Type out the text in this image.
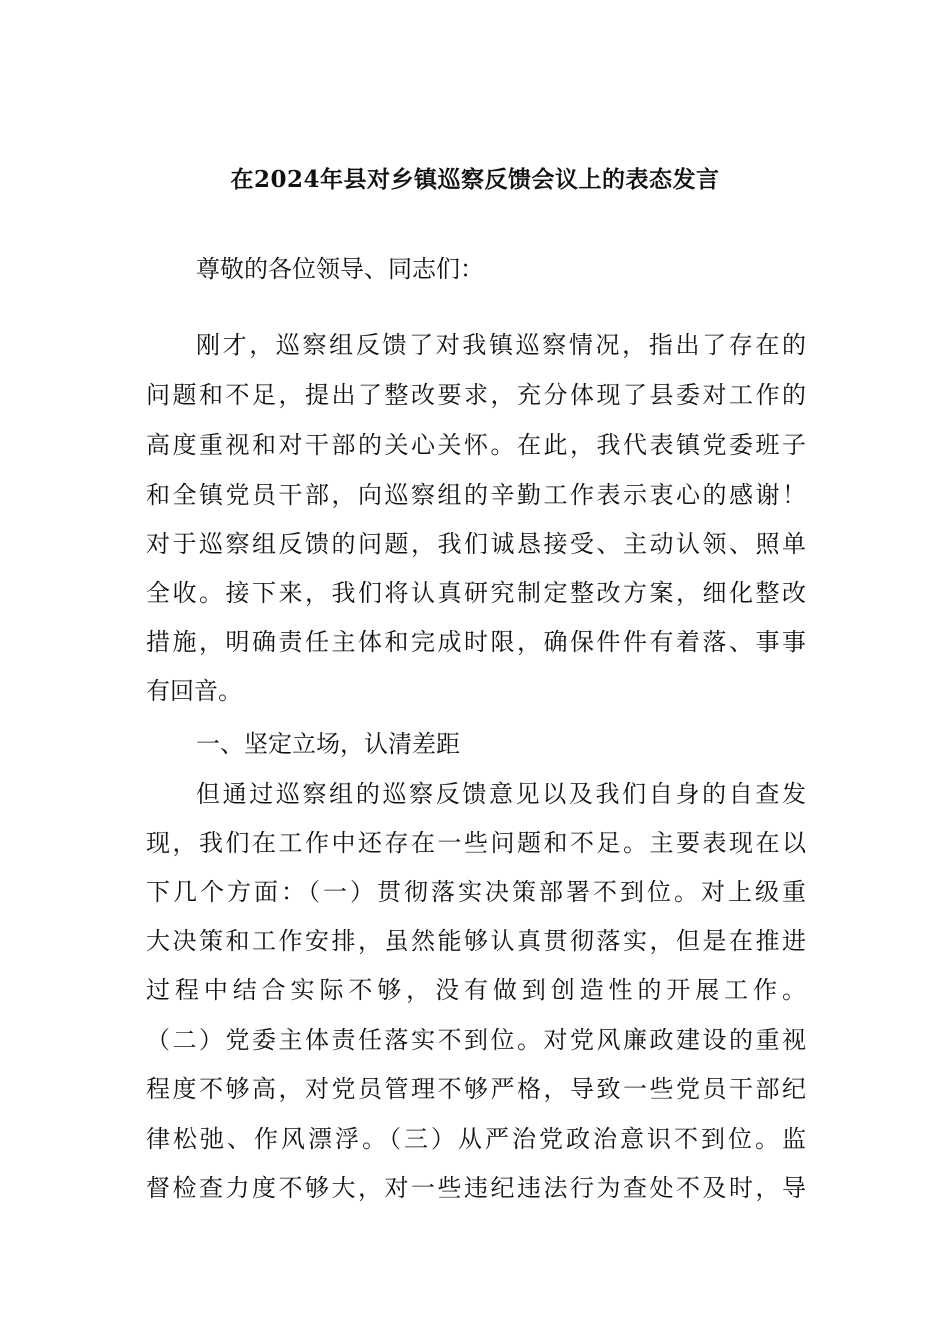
在2024年县对乡镇巡察反馈会议上的表态发言
尊敬的各位领导、同志们：
刚才，巡察组反馈了对我镇巡察情况，指出了存在的
问题和不足，提出了整改要求，充分体现了县委对工作的
高度重视和对干部的关心关怀。在此，我代表镇党委班子
和全镇党员干部，向巡察组的辛勤工作表示衷心的感谢！
对于巡察组反馈的问题，我们诚恳接受、主动认领、照单
全收。接下来，我们将认真研究制定整改方案，细化整改
措施，明确责任主体和完成时限，确保件件有着落、事事
有回音。
一、坚定立场，认清差距
但通过巡察组的巡察反馈意见以及我们自身的自查发
现，我们在工作中还存在一些问题和不足。主要表现在以
下几个方面：（一）贯彻落实决策部署不到位。对上级重
大决策和工作安排，虽然能够认真贯彻落实，但是在推进
过程中结合实际不够，没有做到创造性的开展工作。
（二）党委主体责任落实不到位。对党风廉政建设的重视
程度不够高，对党员管理不够严格，导致一些党员干部纪
律松弛、作风漂浮。（三）从严治党政治意识不到位。监
督检查力度不够大，对一些违纪违法行为查处不及时，导
